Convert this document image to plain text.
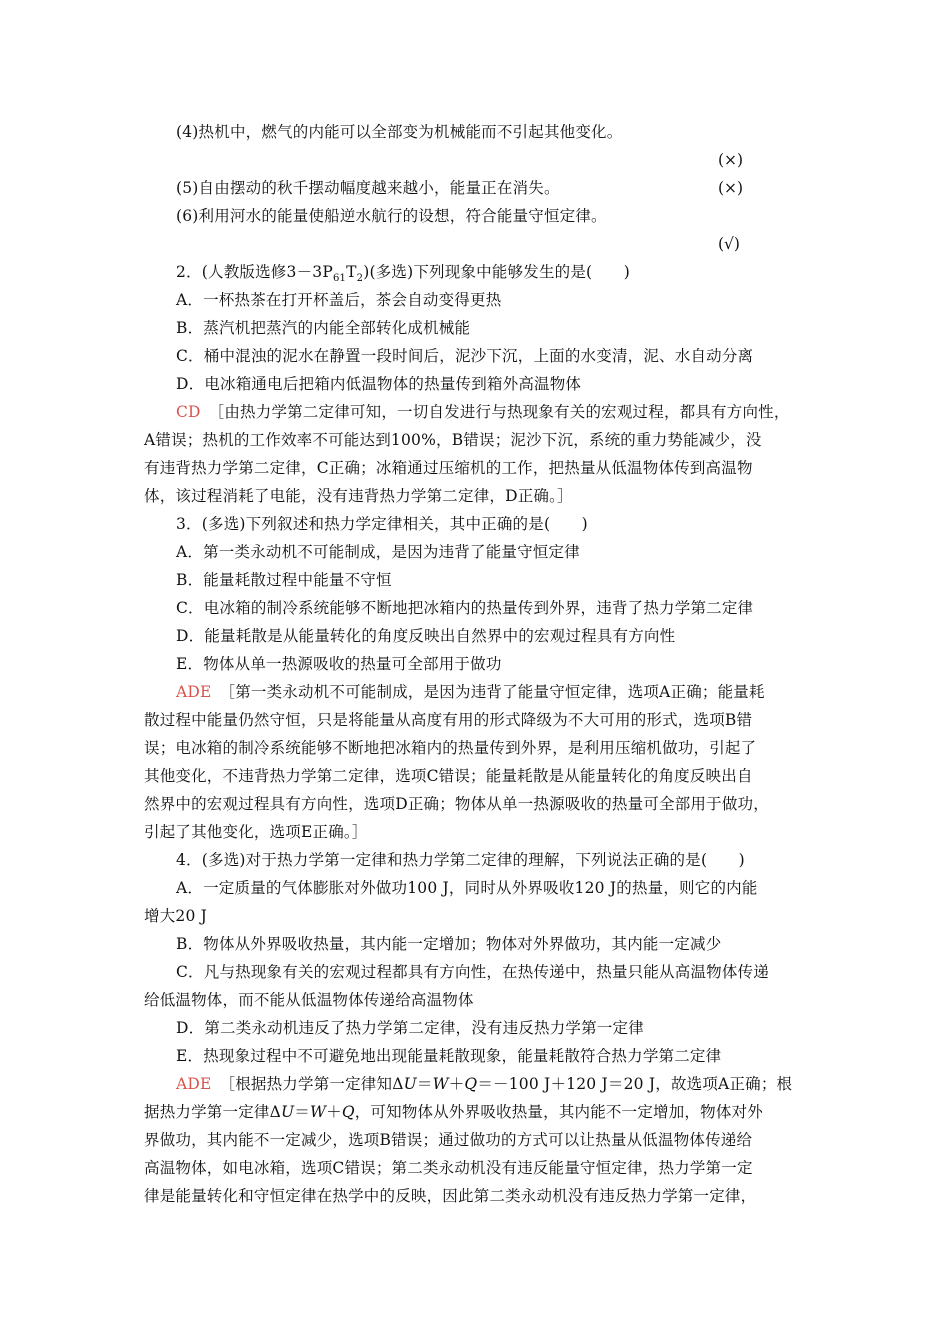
(4)热机中，燃气的内能可以全部变为机械能而不引起其他变化。
(×)
(5)自由摆动的秋千摆动幅度越来越小，能量正在消失。	(×)
(6)利用河水的能量使船逆水航行的设想，符合能量守恒定律。
(√)
2．(人教版选修$3-3P_{61}T_2$)(多选)下列现象中能够发生的是(　　)
A．一杯热茶在打开杯盖后，茶会自动变得更热
B．蒸汽机把蒸汽的内能全部转化成机械能
C．桶中混浊的泥水在静置一段时间后，泥沙下沉，上面的水变清，泥、水自动分离
D．电冰箱通电后把箱内低温物体的热量传到箱外高温物体
CD　 ［由热力学第二定律可知，一切自发进行与热现象有关的宏观过程，都具有方向性，
A错误；热机的工作效率不可能达到100%，B错误；泥沙下沉，系统的重力势能减少，没
有违背热力学第二定律，C正确；冰箱通过压缩机的工作，把热量从低温物体传到高温物
体，该过程消耗了电能，没有违背热力学第二定律，D正确。］
3．(多选)下列叙述和热力学定律相关，其中正确的是(　　)
A．第一类永动机不可能制成，是因为违背了能量守恒定律
B．能量耗散过程中能量不守恒
C．电冰箱的制冷系统能够不断地把冰箱内的热量传到外界，违背了热力学第二定律
D．能量耗散是从能量转化的角度反映出自然界中的宏观过程具有方向性
E．物体从单一热源吸收的热量可全部用于做功
ADE　 ［第一类永动机不可能制成，是因为违背了能量守恒定律，选项A正确；能量耗
散过程中能量仍然守恒，只是将能量从高度有用的形式降级为不大可用的形式，选项B错
误；电冰箱的制冷系统能够不断地把冰箱内的热量传到外界，是利用压缩机做功，引起了
其他变化，不违背热力学第二定律，选项C错误；能量耗散是从能量转化的角度反映出自
然界中的宏观过程具有方向性，选项D正确；物体从单一热源吸收的热量可全部用于做功，
引起了其他变化，选项E正确。］
4．(多选)对于热力学第一定律和热力学第二定律的理解，下列说法正确的是(　　)
A．一定质量的气体膨胀对外做功100 J，同时从外界吸收120 J的热量，则它的内能
增大20 J
B．物体从外界吸收热量，其内能一定增加；物体对外界做功，其内能一定减少
C．凡与热现象有关的宏观过程都具有方向性，在热传递中，热量只能从高温物体传递
给低温物体，而不能从低温物体传递给高温物体
D．第二类永动机违反了热力学第二定律，没有违反热力学第一定律
E．热现象过程中不可避免地出现能量耗散现象，能量耗散符合热力学第二定律
ADE　 ［根据热力学第一定律知ΔU＝W＋Q＝－100 J＋120 J＝20 J，故选项A正确；根
据热力学第一定律ΔU＝W＋Q，可知物体从外界吸收热量，其内能不一定增加，物体对外
界做功，其内能不一定减少，选项B错误；通过做功的方式可以让热量从低温物体传递给
高温物体，如电冰箱，选项C错误；第二类永动机没有违反能量守恒定律，热力学第一定
律是能量转化和守恒定律在热学中的反映，因此第二类永动机没有违反热力学第一定律，
